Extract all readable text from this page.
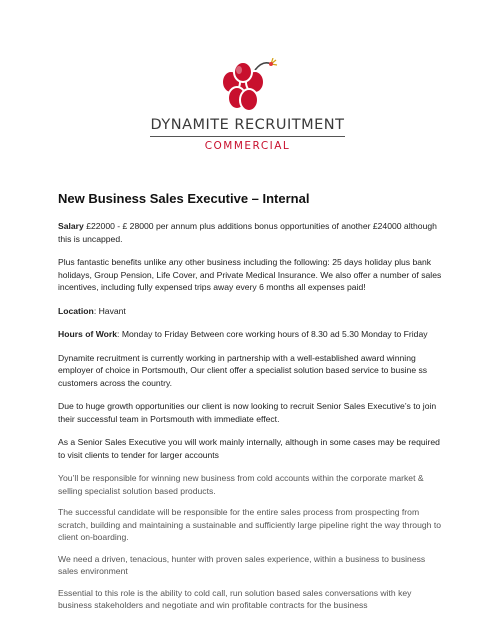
DYNAMITE RECRUITMENT
COMMERCIAL
New Business Sales Executive – Internal

Salary £22000 - £ 28000 per annum plus additions bonus opportunities of another £24000 although this is uncapped.

Plus fantastic benefits unlike any other business including the following: 25 days holiday plus bank holidays, Group Pension, Life Cover, and Private Medical Insurance. We also offer a number of sales incentives, including fully expensed trips away every 6 months all expenses paid!

Location: Havant

Hours of Work: Monday to Friday Between core working hours of 8.30 ad 5.30 Monday to Friday

Dynamite recruitment is currently working in partnership with a well-established award winning employer of choice in Portsmouth, Our client offer a specialist solution based service to busine ss customers across the country.

Due to huge growth opportunities our client is now looking to recruit Senior Sales Executive’s to join their successful team in Portsmouth with immediate effect.

As a Senior Sales Executive you will work mainly internally, although in some cases may be required to visit clients to tender for larger accounts

You’ll be responsible for winning new business from cold accounts within the corporate market & selling specialist solution based products.

The successful candidate will be responsible for the entire sales process from prospecting from scratch, building and maintaining a sustainable and sufficiently large pipeline right the way through to client on-boarding.

We need a driven, tenacious, hunter with proven sales experience, within a business to business sales environment

Essential to this role is the ability to cold call, run solution based sales conversations with key business stakeholders and negotiate and win profitable contracts for the business
